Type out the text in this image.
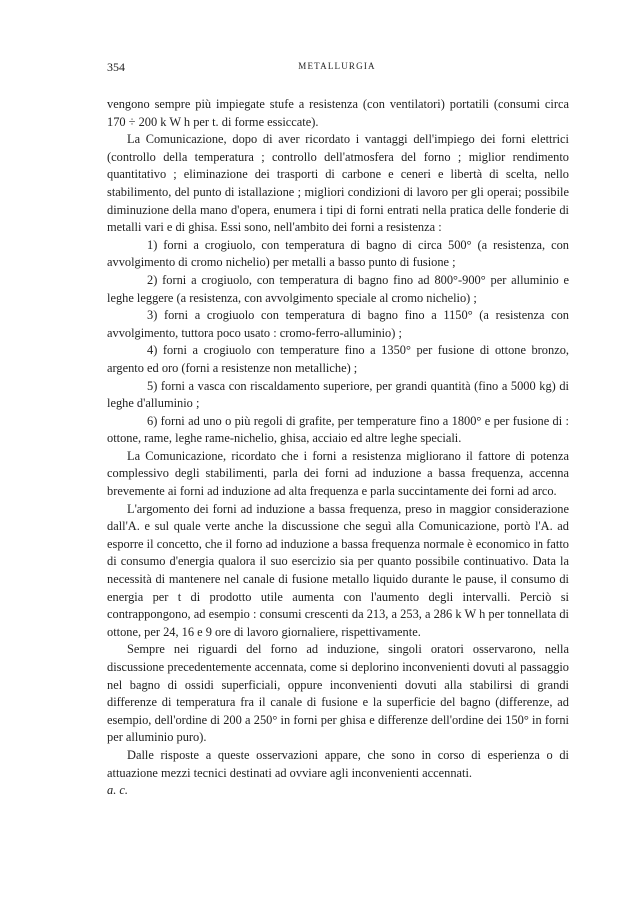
354	METALLURGIA

vengono sempre più impiegate stufe a resistenza (con ventilatori) portatili (consumi circa 170 ÷ 200 k W h per t. di forme essiccate).

La Comunicazione, dopo di aver ricordato i vantaggi dell'impiego dei forni elettrici (controllo della temperatura ; controllo dell'atmosfera del forno ; miglior rendimento quantitativo ; eliminazione dei trasporti di carbone e ceneri e libertà di scelta, nello stabilimento, del punto di istallazione ; migliori condizioni di lavoro per gli operai; possibile diminuzione della mano d'opera, enumera i tipi di forni entrati nella pratica delle fonderie di metalli vari e di ghisa. Essi sono, nell'ambito dei forni a resistenza :

1) forni a crogiuolo, con temperatura di bagno di circa 500° (a resistenza, con avvolgimento di cromo nichelio) per metalli a basso punto di fusione ;

2) forni a crogiuolo, con temperatura di bagno fino ad 800°-900° per alluminio e leghe leggere (a resistenza, con avvolgimento speciale al cromo nichelio) ;

3) forni a crogiuolo con temperatura di bagno fino a 1150° (a resistenza con avvolgimento, tuttora poco usato : cromo-ferro-alluminio) ;

4) forni a crogiuolo con temperature fino a 1350° per fusione di ottone bronzo, argento ed oro (forni a resistenze non metalliche) ;

5) forni a vasca con riscaldamento superiore, per grandi quantità (fino a 5000 kg) di leghe d'alluminio ;

6) forni ad uno o più regoli di grafite, per temperature fino a 1800° e per fusione di : ottone, rame, leghe rame-nichelio, ghisa, acciaio ed altre leghe speciali.

La Comunicazione, ricordato che i forni a resistenza migliorano il fattore di potenza complessivo degli stabilimenti, parla dei forni ad induzione a bassa frequenza, accenna brevemente ai forni ad induzione ad alta frequenza e parla succintamente dei forni ad arco.

L'argomento dei forni ad induzione a bassa frequenza, preso in maggior considerazione dall'A. e sul quale verte anche la discussione che seguì alla Comunicazione, portò l'A. ad esporre il concetto, che il forno ad induzione a bassa frequenza normale è economico in fatto di consumo d'energia qualora il suo esercizio sia per quanto possibile continuativo. Data la necessità di mantenere nel canale di fusione metallo liquido durante le pause, il consumo di energia per t di prodotto utile aumenta con l'aumento degli intervalli. Perciò si contrappongono, ad esempio : consumi crescenti da 213, a 253, a 286 k W h per tonnellata di ottone, per 24, 16 e 9 ore di lavoro giornaliere, rispettivamente.

Sempre nei riguardi del forno ad induzione, singoli oratori osservarono, nella discussione precedentemente accennata, come si deplorino inconvenienti dovuti al passaggio nel bagno di ossidi superficiali, oppure inconvenienti dovuti alla stabilirsi di grandi differenze di temperatura fra il canale di fusione e la superficie del bagno (differenze, ad esempio, dell'ordine di 200 a 250° in forni per ghisa e differenze dell'ordine dei 150° in forni per alluminio puro).

Dalle risposte a queste osservazioni appare, che sono in corso di esperienza o di attuazione mezzi tecnici destinati ad ovviare agli inconvenienti accennati.

a. c.
